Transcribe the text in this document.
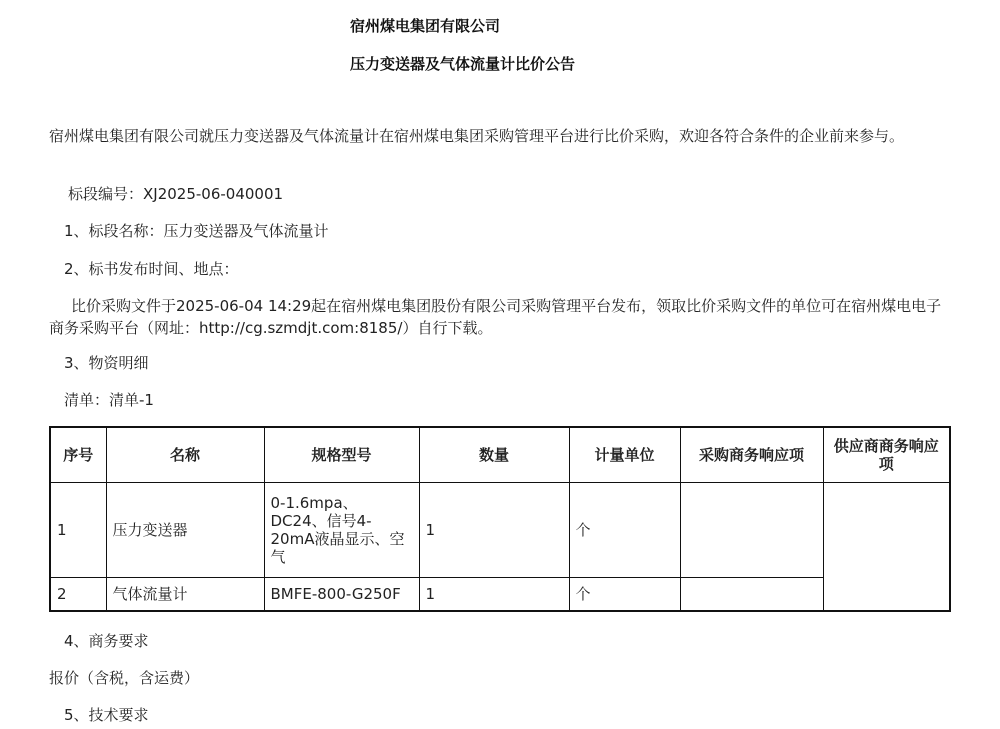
宿州煤电集团有限公司
压力变送器及气体流量计比价公告
宿州煤电集团有限公司就压力变送器及气体流量计在宿州煤电集团采购管理平台进行比价采购，欢迎各符合条件的企业前来参与。
标段编号：XJ2025-06-040001
1、标段名称：压力变送器及气体流量计
2、标书发布时间、地点：
比价采购文件于2025-06-04 14:29起在宿州煤电集团股份有限公司采购管理平台发布，领取比价采购文件的单位可在宿州煤电电子商务采购平台（网址：http://cg.szmdjt.com:8185/）自行下载。
3、物资明细
清单：清单-1
序号	名称	规格型号	数量	计量单位	采购商务响应项	供应商商务响应项
1	压力变送器	0-1.6mpa、DC24、信号4-20mA液晶显示、空气	1	个		
2	气体流量计	BMFE-800-G250F	1	个		
4、商务要求
报价（含税，含运费）
5、技术要求
